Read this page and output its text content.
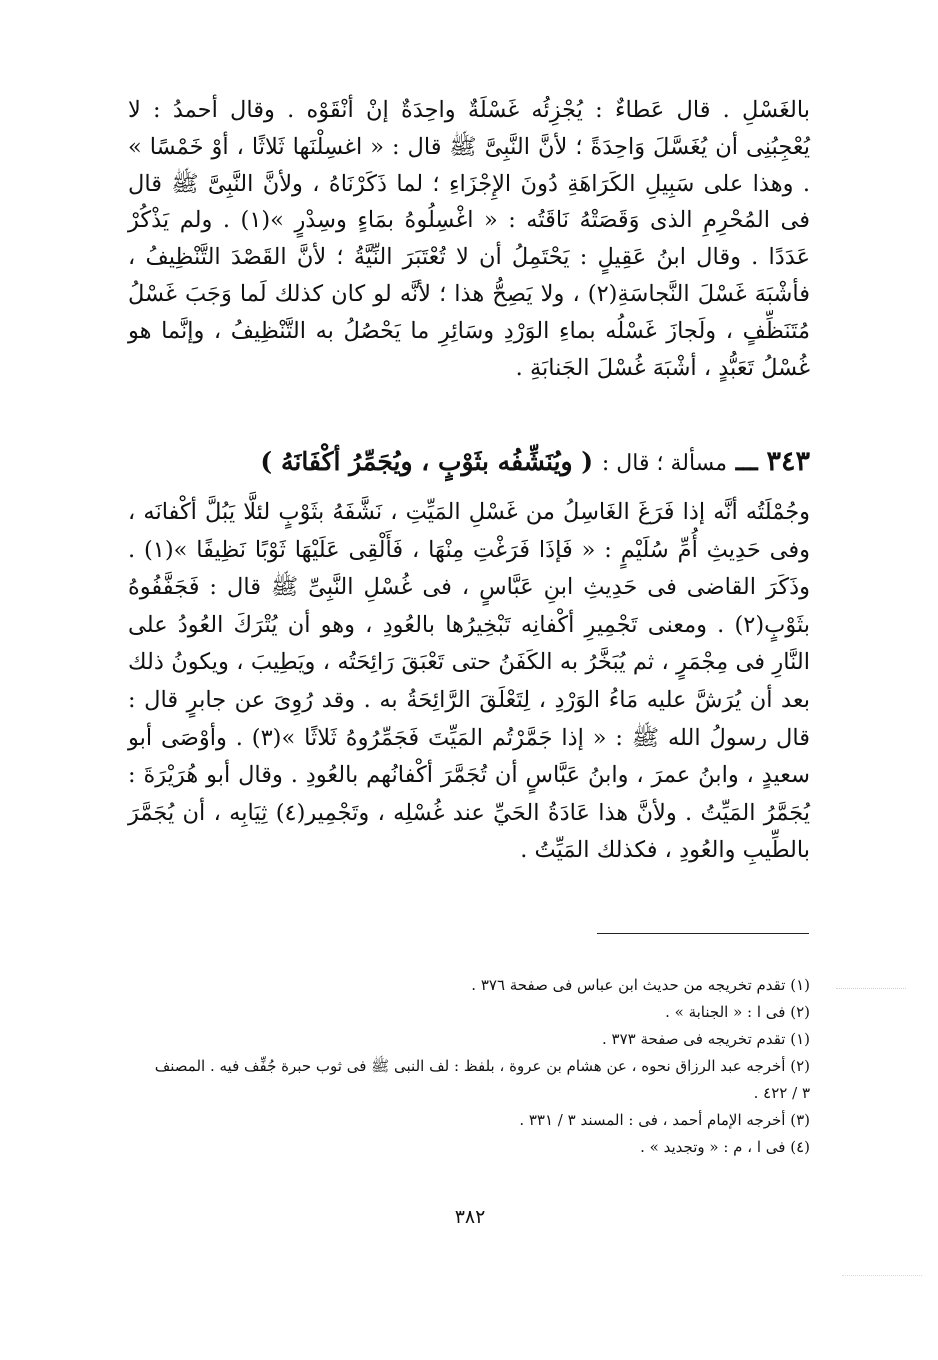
بالغَسْلِ . قال عَطاءٌ : يُجْزِئُه غَسْلَةٌ واحِدَةٌ إنْ أنْقَوْه . وقال أحمدُ : لا يُعْجِبُنِى أن يُغَسَّلَ وَاحِدَةً ؛ لأنَّ النَّبِىَّ ﷺ قال : « اغسِلْنَها ثَلاثًا ، أوْ خَمْسًا » . وهذا على سَبِيلِ الكَرَاهَةِ دُونَ الإِجْزَاءِ ؛ لما ذَكَرْنَاهُ ، ولأنَّ النَّبِىَّ ﷺ قال فى المُحْرِمِ الذى وَقَصَتْهُ نَاقَتُه : « اغْسِلُوهُ بمَاءٍ وسِدْرٍ »(١) . ولم يَذْكُرْ عَدَدًا . وقال ابنُ عَقِيلٍ : يَحْتَمِلُ أن لا تُعْتَبَرَ النِّيَّةُ ؛ لأنَّ القَصْدَ التَّنْظِيفُ ، فأشْبَهَ غَسْلَ النَّجاسَةِ(٢) ، ولا يَصِحُّ هذا ؛ لأنَّه لو كان كذلك لَما وَجَبَ غَسْلُ مُتَنَظِّفٍ ، ولَجازَ غَسْلُه بماءِ الوَرْدِ وسَائِرِ ما يَحْصُلُ به التَّنْظِيفُ ، وإنَّما هو غُسْلُ تَعَبُّدٍ ، أشْبَهَ غُسْلَ الجَنابَةِ .

٣٤٣ ـــ مسألة ؛ قال : ( ويُنَشِّفُه بثَوْبٍ ، ويُجَمِّرُ أكْفَانَهُ )

وجُمْلَتُه أنَّه إذا فَرَغَ الغَاسِلُ من غَسْلِ المَيِّتِ ، نَشَّفَهُ بثَوْبٍ لئلَّا يَبُلَّ أكْفانَه ، وفى حَدِيثِ أُمِّ سُلَيْمٍ : « فَإذَا فَرَغْتِ مِنْهَا ، فَأَلْقِى عَلَيْهَا ثَوْبًا نَظِيفًا »(١) . وذَكَرَ القاضى فى حَدِيثِ ابنِ عَبَّاسٍ ، فى غُسْلِ النَّبِىِّ ﷺ قال : فَجَفَّفُوهُ بثَوْبٍ(٢) . ومعنى تَجْمِيرِ أكْفانِه تَبْخِيرُها بالعُودِ ، وهو أن يُتْرَكَ العُودُ على النَّارِ فى مِجْمَرٍ ، ثم يُبَخَّرُ به الكَفَنُ حتى تَعْبَقَ رَائِحَتُه ، ويَطِيبَ ، ويكونُ ذلك بعد أن يُرَشَّ عليه مَاءُ الوَرْدِ ، لِتَعْلَقَ الرَّائِحَةُ به . وقد رُوِىَ عن جابرٍ قال : قال رسولُ الله ﷺ : « إذا جَمَّرْتُم المَيِّتَ فَجَمِّرُوهُ ثَلاثًا »(٣) . وأوْصَى أبو سعيدٍ ، وابنُ عمرَ ، وابنُ عَبَّاسٍ أن تُجَمَّرَ أكْفانُهم بالعُودِ . وقال أبو هُرَيْرَةَ : يُجَمَّرُ المَيِّتُ . ولأنَّ هذا عَادَةُ الحَيِّ عند غُسْلِه ، وتَجْمِير(٤) ثِيَابِه ، أن يُجَمَّرَ بالطِّيبِ والعُودِ ، فكذلك المَيِّتُ .

(١) تقدم تخريجه من حديث ابن عباس فى صفحة ٣٧٦ .

(٢) فى ا : « الجنابة » .

(١) تقدم تخريجه فى صفحة ٣٧٣ .

(٢) أخرجه عبد الرزاق نحوه ، عن هشام بن عروة ، بلفظ : لف النبى ﷺ فى ثوب حبرة جُفِّف فيه . المصنف

٣ / ٤٢٢ .

(٣) أخرجه الإمام أحمد ، فى : المسند ٣ / ٣٣١ .

(٤) فى ا ، م : « وتجديد » .

٣٨٢
